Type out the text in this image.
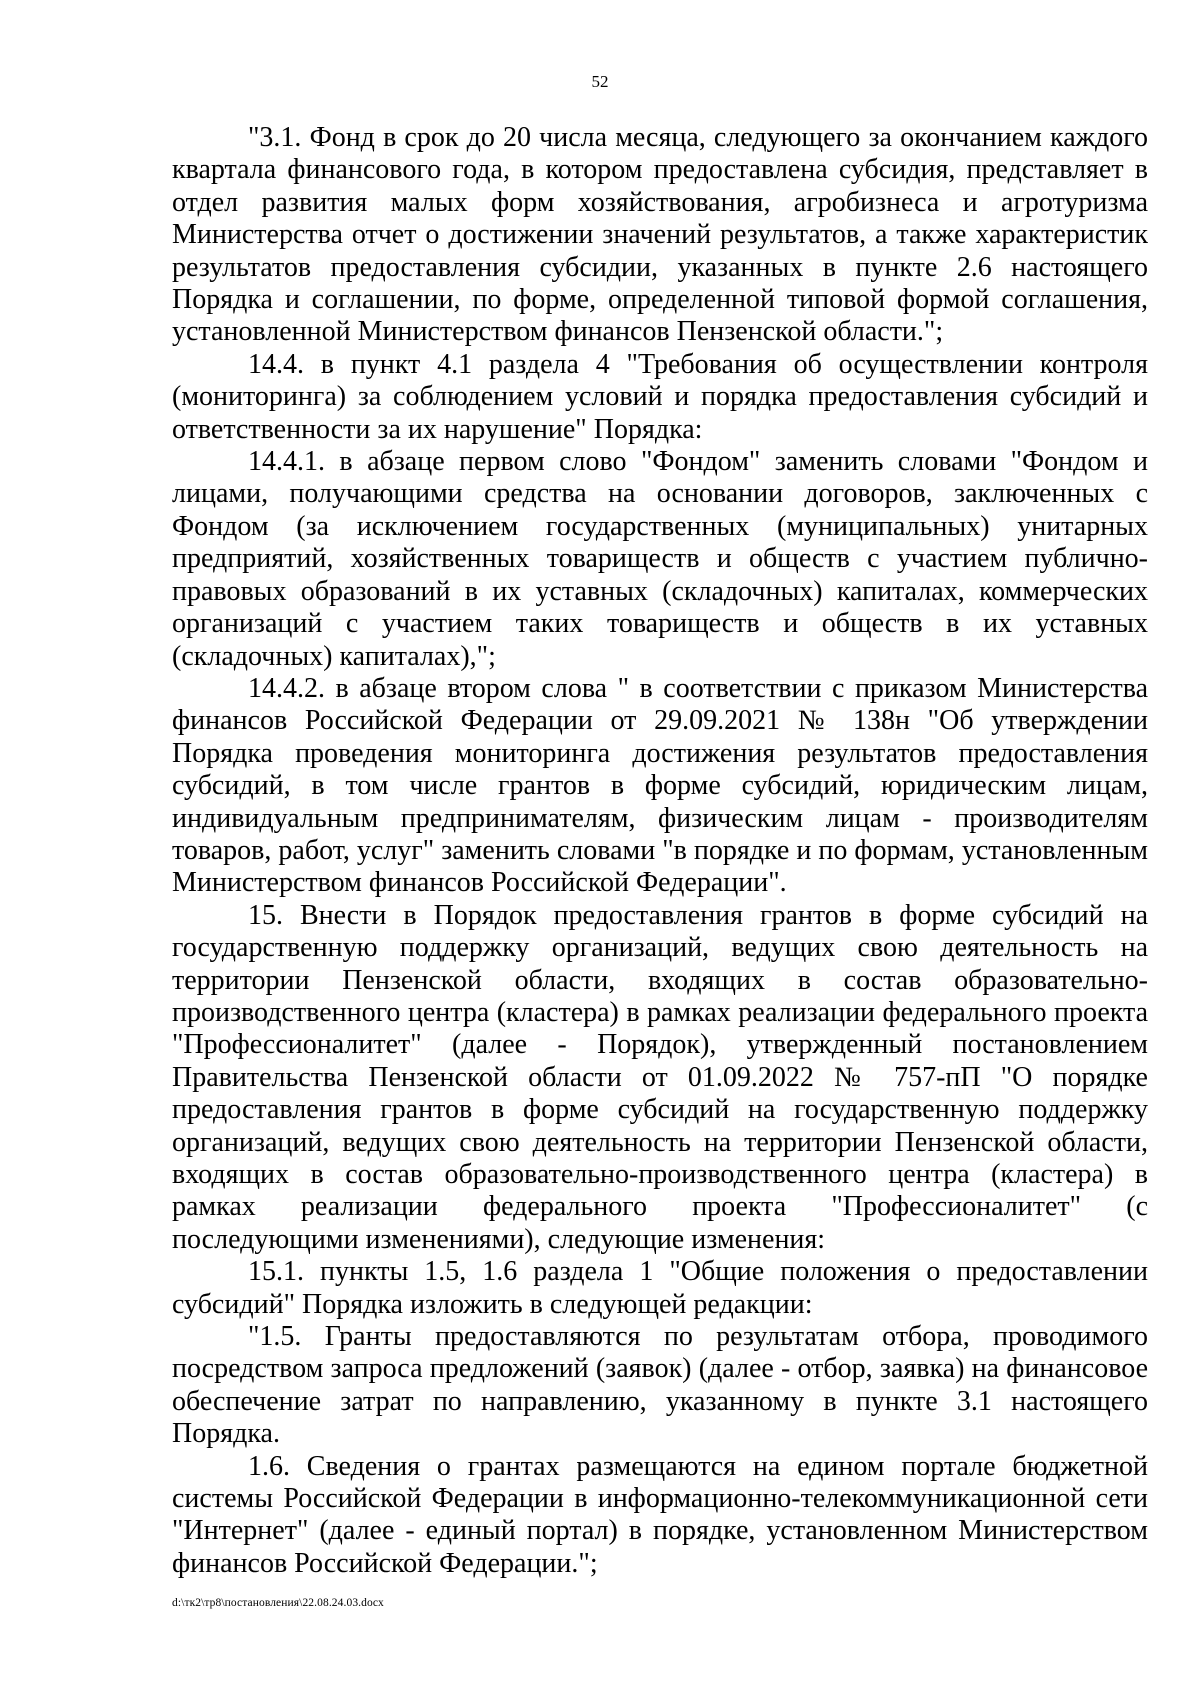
52

"3.1. Фонд в срок до 20 числа месяца, следующего за окончанием каждого квартала финансового года, в котором предоставлена субсидия, представляет в отдел развития малых форм хозяйствования, агробизнеса и агротуризма Министерства отчет о достижении значений результатов, а также характеристик результатов предоставления субсидии, указанных в пункте 2.6 настоящего Порядка и соглашении, по форме, определенной типовой формой соглашения, установленной Министерством финансов Пензенской области.";

14.4. в пункт 4.1 раздела 4 "Требования об осуществлении контроля (мониторинга) за соблюдением условий и порядка предоставления субсидий и ответственности за их нарушение" Порядка:

14.4.1. в абзаце первом слово "Фондом" заменить словами "Фондом и лицами, получающими средства на основании договоров, заключенных с Фондом (за исключением государственных (муниципальных) унитарных предприятий, хозяйственных товариществ и обществ с участием публично-правовых образований в их уставных (складочных) капиталах, коммерческих организаций с участием таких товариществ и обществ в их уставных (складочных) капиталах),";

14.4.2. в абзаце втором слова " в соответствии с приказом Министерства финансов Российской Федерации от 29.09.2021 № 138н "Об утверждении Порядка проведения мониторинга достижения результатов предоставления субсидий, в том числе грантов в форме субсидий, юридическим лицам, индивидуальным предпринимателям, физическим лицам - производителям товаров, работ, услуг" заменить словами "в порядке и по формам, установленным Министерством финансов Российской Федерации".

15. Внести в Порядок предоставления грантов в форме субсидий на государственную поддержку организаций, ведущих свою деятельность на территории Пензенской области, входящих в состав образовательно-производственного центра (кластера) в рамках реализации федерального проекта "Профессионалитет" (далее - Порядок), утвержденный постановлением Правительства Пензенской области от 01.09.2022 № 757-пП "О порядке предоставления грантов в форме субсидий на государственную поддержку организаций, ведущих свою деятельность на территории Пензенской области, входящих в состав образовательно-производственного центра (кластера) в рамках реализации федерального проекта "Профессионалитет" (с последующими изменениями), следующие изменения:

15.1. пункты 1.5, 1.6 раздела 1 "Общие положения о предоставлении субсидий" Порядка изложить в следующей редакции:

"1.5. Гранты предоставляются по результатам отбора, проводимого посредством запроса предложений (заявок) (далее - отбор, заявка) на финансовое обеспечение затрат по направлению, указанному в пункте 3.1 настоящего Порядка.

1.6. Сведения о грантах размещаются на едином портале бюджетной системы Российской Федерации в информационно-телекоммуникационной сети "Интернет" (далее - единый портал) в порядке, установленном Министерством финансов Российской Федерации.";

d:\тк2\тр8\постановления\22.08.24.03.docx
